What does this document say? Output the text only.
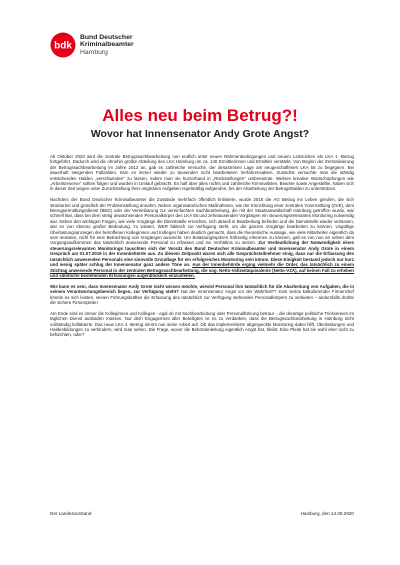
bdk
Bund Deutscher
Kriminalbeamter
Hamburg
Alles neu beim Betrug?!
Wovor hat Innensenator Andy Grote Angst?

Ab Oktober 2020 wird die zentrale Betrugssachbearbeitung nun endlich unter neuen Rahmenbedingungen und neuem Leitzeichen als LKA 1 -Betrug fortgeführt. Dadurch wird die ohnehin größte Abteilung des LKA Hamburg um ca. 140 Ermittlerinnen und Ermittler verstärkt. Von Beginn der Zentralisierung der Betrugssachbearbeitung im Jahre 2013 an, gab es zahlreiche Versuche, der desaströsen Lage am neugeschaffenen LKA 55 zu begegnen. Bei dauerhaft steigenden Fallzahlen, kam es immer wieder zu tausenden nicht bearbeiteten Verfahrensakten. Zunächst versuchte man die ständig entstehenden Halden „verschwinden" zu lassen, indem man sie kurzerhand in „Rückstellungen" umbenannte. Weitere kreative Wortschöpfungen wie „Arbeitsreserve" sollten folgen und wurden in Umlauf gebracht. Es half aber alles nichts und zahlreiche Kriminalisten, Beamte sowie Angestellte, haben sich in dieser Zeit wegen unter Zurückstellung ihrer originären Aufgaben regelmäßig aufgerufen, bei der Abarbeitung der Betrugshalden zu unterstützen.

Nachdem der Bund Deutscher Kriminalbeamter die Zustände mehrfach öffentlich kritisierte, wurde 2018 die AG Betrug ins Leben gerufen, die sich strukturiert und gründlich der Problemstellung annahm. Neben organisatorischen Maßnahmen, wie der Einrichtung einer zentralen Vorermittlung (ZVE), dem Betrugsermittlungsdienst (BED) oder der Vereinbarung zur vereinfachten Sachbearbeitung, die mit der Staatsanwaltschaft Hamburg getroffen wurde, war schnell klar, dass bei dem stetig anwachsenden Personalkörper des LKA 55 und zehntausenden Vorgängen ein steuerungsrelevantes Monitoring notwendig war. Neben den wichtigen Fragen, wie viele Vorgänge die Dienststelle erreichen, sich aktuell in Bearbeitung befinden und die Dienststelle wieder verlassen, war es von ebenso großer Bedeutung, zu wissen, WER faktisch zur Verfügung steht, um die ganzen Vorgänge bearbeiten zu können. Ungültige Überlastungsanzeigen der betroffenen Kolleginnen und Kollegen haben deutlich gemacht, dass die theoretische Aussage, wie viele Mitarbeiter eigentlich da sein müssten, nicht für eine Betrachtung von Vorgängen ausreicht. Um Belastungsspitzen frühzeitig erkennen zu können, galt es von nun an neben dem Vorgangsaufkommen das tatsächlich anwesende Personal zu erfassen und ins Verhältnis zu setzen. Zur Verdeutlichung der Notwendigkeit eines steuerungsrelevanten Monitorings tauschten sich der Vorsitz des Bund Deutscher Kriminalbeamter und Innensenator Andy Grote in einem Gespräch am 01.07.2019 in der Innenbehörde aus. Zu diesem Zeitpunkt waren sich alle Gesprächsteilnehmer einig, dass nur die Erfassung des tatsächlich anwesenden Personals eine sinnvolle Grundlage für ein erfolgreiches Monitoring sein könne. Diese Einigkeit bestand jedoch nur kurz und wenig später schlug der Innensenator ganz andere Töne an. Aus der Innenbehörde erging vielmehr die Order, das tatsächlich zu einem Stichtag anwesende Personal in der zentralen Betrugssachbearbeitung, die sog. Netto-Vollzeitäquivalente (Netto-VZÄ), auf keinen Fall zu erheben und sämtliche bestehenden Erfassungen augenblicklich einzustellen.

Wie kann es sein, dass Innensenator Andy Grote nicht wissen möchte, wieviel Personal ihm tatsächlich für die Abarbeitung von Aufgaben, die in seinem Verantwortungsbereich liegen, zur Verfügung steht? Hat der Innensenator Angst vor der Wahrheit?? Kein seriös kalkulierender Firmenchef könnte es sich leisten, seinen Führungskräften die Erfassung des tatsächlich zur Verfügung stehenden Personalkörpers zu verbieten – andernfalls drohte die sichere Firmenpleite!

Am Ende sind es immer die Kolleginnen und Kollegen - egal ob mit Sachbearbeitung oder Personalführung betraut -, die derartige politische Tricksereien im täglichen Dienst ausbaden müssen. Nur dem Engagement aller Beteiligten ist es zu verdanken, dass die Betrugssachbearbeitung in Hamburg nicht vollständig kollabierte. Das neue LKA 1 -Betrug nimmt nun seine Arbeit auf. Ob das implementierte abgespeckte Monitoring dabei hilft, Überlastungen und Haldenbildungen zu verhindern, wird man sehen. Die Frage, wovor die Behördenleitung eigentlich Angst hat, bleibt. Eine Pleite hat sie wohl eher nicht zu befürchten, oder?

Der Landesvorstand	Hamburg, den 14.09.2020
